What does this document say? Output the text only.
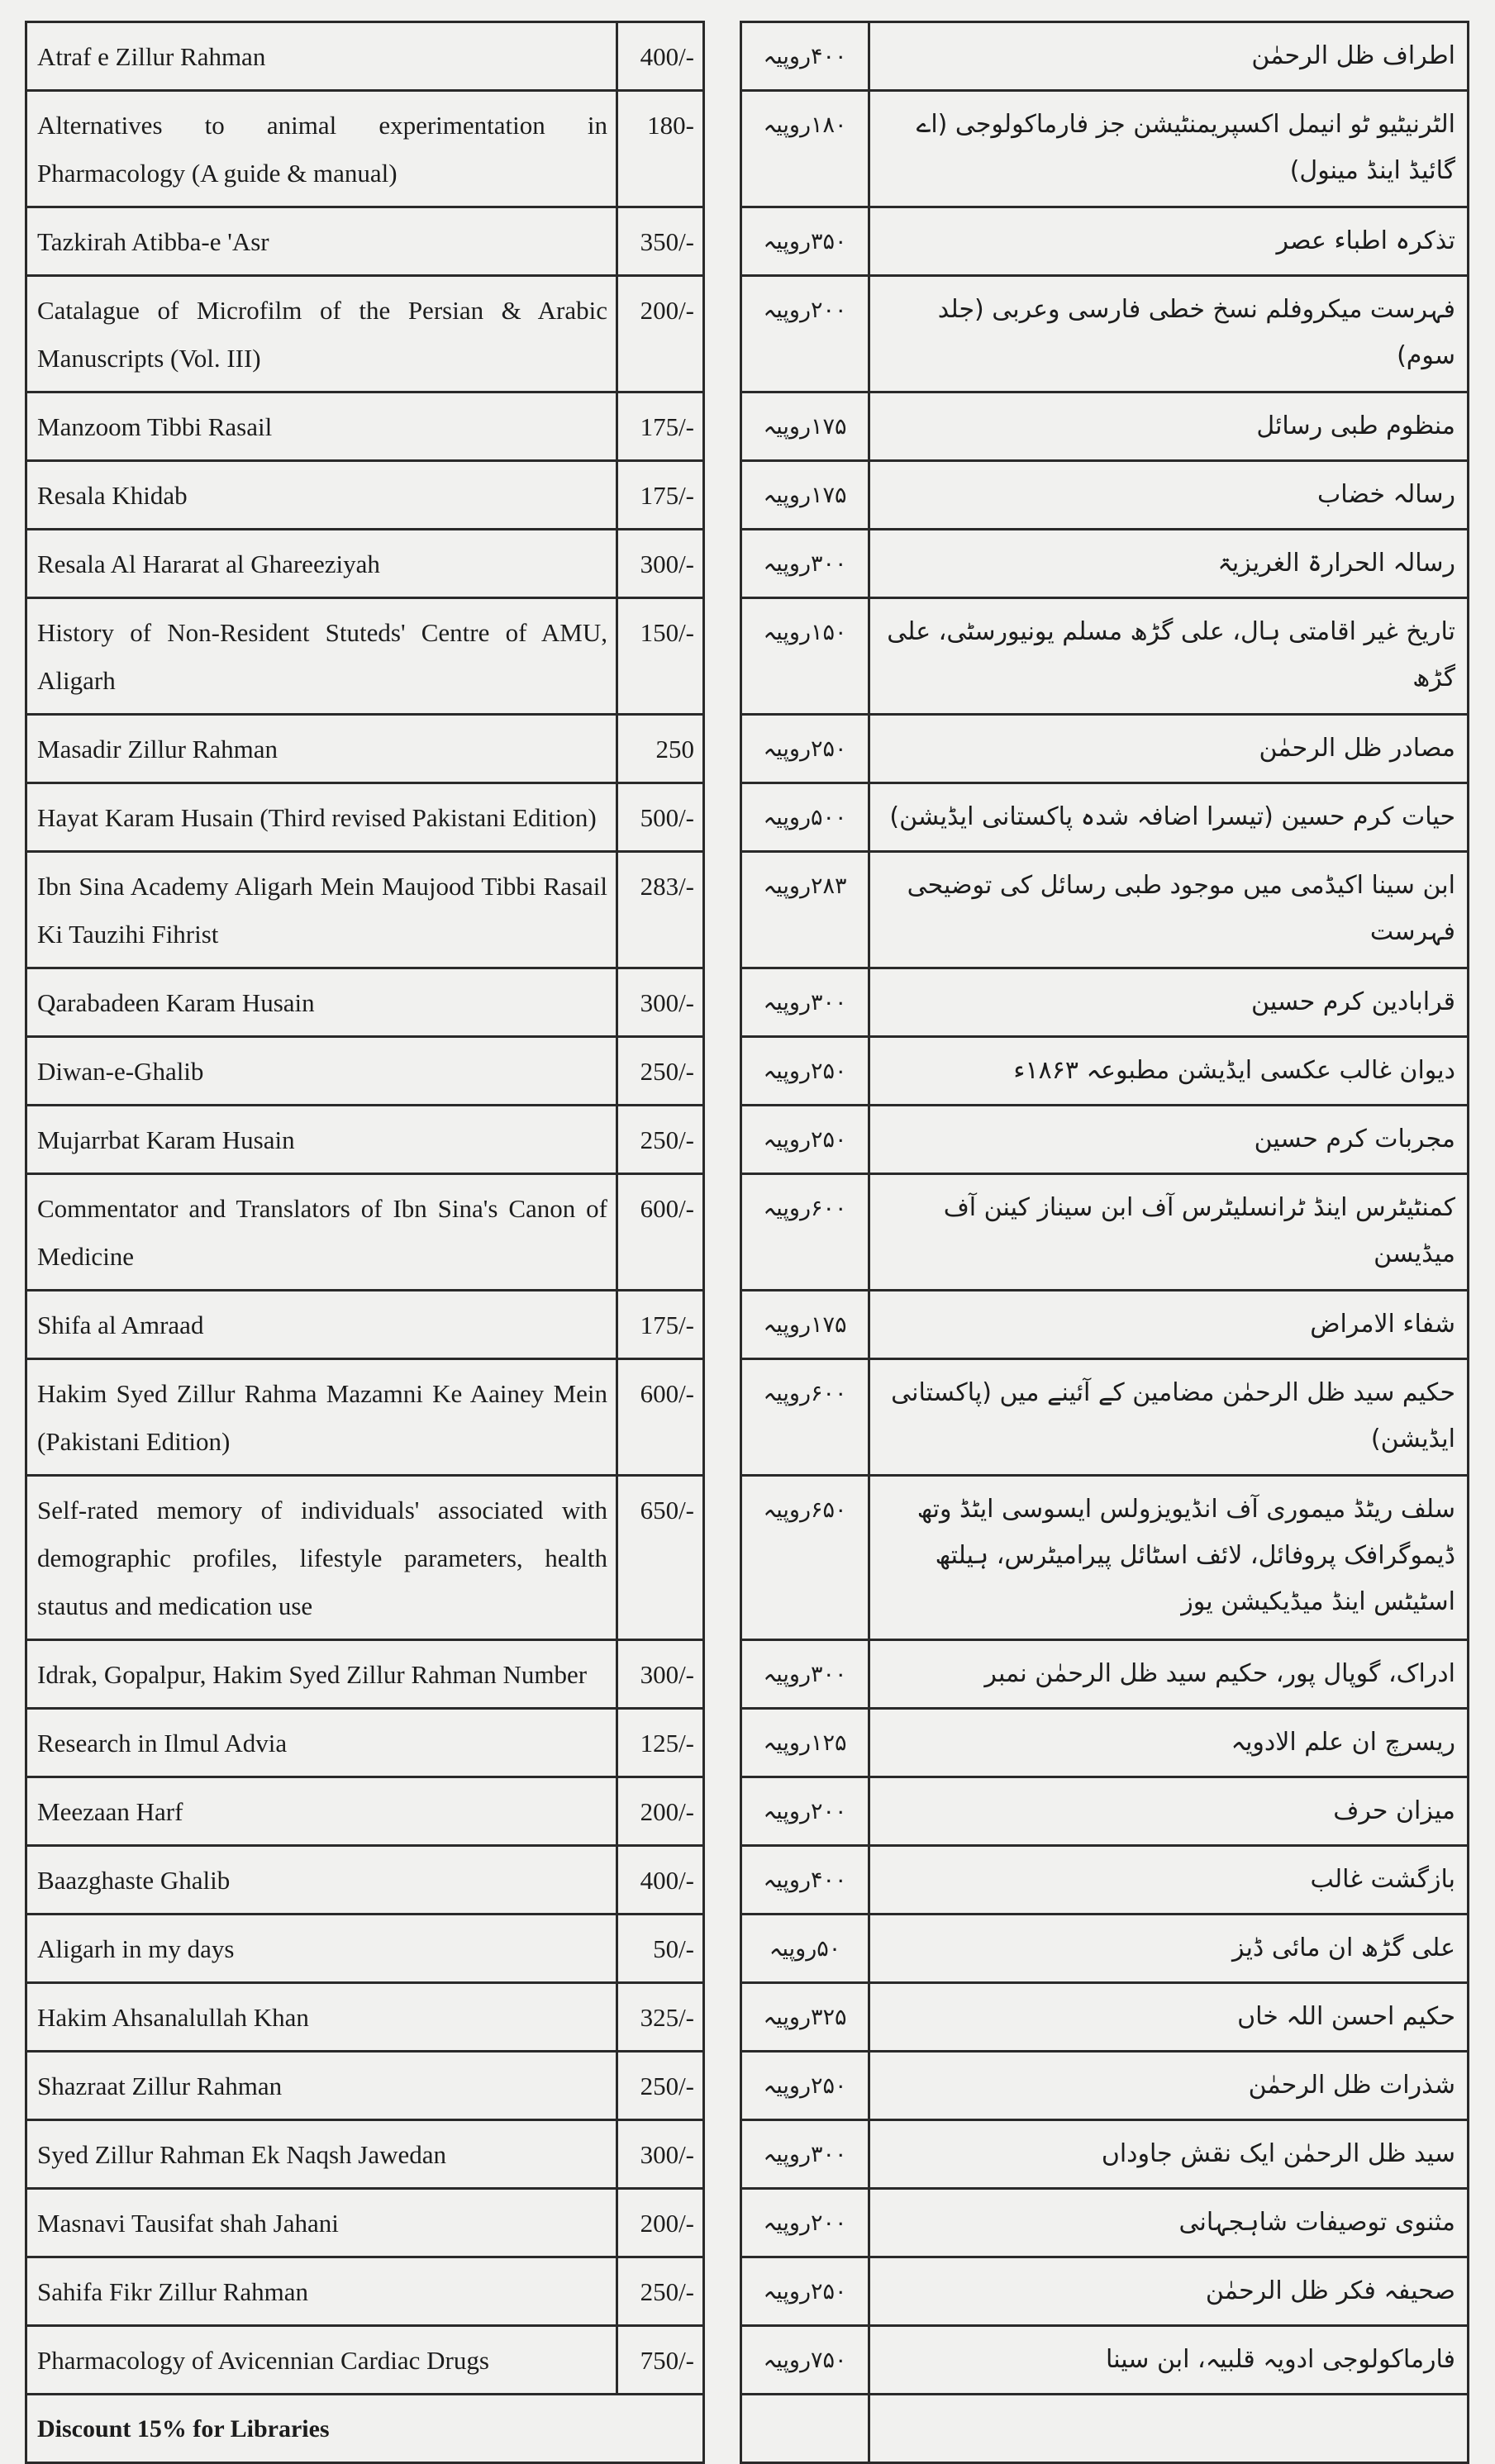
Atraf e Zillur Rahman	400/-
Alternatives to animal experimentation in Pharmacology (A guide & manual)	180-
Tazkirah Atibba-e 'Asr	350/-
Catalague of Microfilm of the Persian & Arabic Manuscripts (Vol. III)	200/-
Manzoom Tibbi Rasail	175/-
Resala Khidab	175/-
Resala Al Hararat al Ghareeziyah	300/-
History of Non-Resident Stuteds' Centre of AMU, Aligarh	150/-
Masadir Zillur Rahman	250
Hayat Karam Husain (Third revised Pakistani Edition)	500/-
Ibn Sina Academy Aligarh Mein Maujood Tibbi Rasail Ki Tauzihi Fihrist	283/-
Qarabadeen Karam Husain	300/-
Diwan-e-Ghalib	250/-
Mujarrbat Karam Husain	250/-
Commentator and Translators of Ibn Sina's Canon of Medicine	600/-
Shifa al Amraad	175/-
Hakim Syed Zillur Rahma Mazamni Ke Aainey Mein (Pakistani Edition)	600/-
Self-rated memory of individuals' associated with demographic profiles, lifestyle parameters, health stautus and medication use	650/-
Idrak, Gopalpur, Hakim Syed Zillur Rahman Number	300/-
Research in Ilmul Advia	125/-
Meezaan Harf	200/-
Baazghaste Ghalib	400/-
Aligarh in my days	50/-
Hakim Ahsanalullah Khan	325/-
Shazraat Zillur Rahman	250/-
Syed Zillur Rahman Ek Naqsh Jawedan	300/-
Masnavi Tausifat shah Jahani	200/-
Sahifa Fikr Zillur Rahman	250/-
Pharmacology of Avicennian Cardiac Drugs	750/-
Discount 15% for Libraries	
۴۰۰روپیہ	اطراف ظل الرحمٰن
۱۸۰روپیہ	الٹرنیٹیو ٹو انیمل اکسپریمنٹیشن جز فارماکولوجی (اے گائیڈ اینڈ مینول)
۳۵۰روپیہ	تذکرہ اطباء عصر
۲۰۰روپیہ	فہرست میکروفلم نسخ خطی فارسی وعربی (جلد سوم)
۱۷۵روپیہ	منظوم طبی رسائل
۱۷۵روپیہ	رسالہ خضاب
۳۰۰روپیہ	رسالہ الحرارۃ الغریزیۃ
۱۵۰روپیہ	تاریخ غیر اقامتی ہال، علی گڑھ مسلم یونیورسٹی، علی گڑھ
۲۵۰روپیہ	مصادر ظل الرحمٰن
۵۰۰روپیہ	حیات کرم حسین (تیسرا اضافہ شدہ پاکستانی ایڈیشن)
۲۸۳روپیہ	ابن سینا اکیڈمی میں موجود طبی رسائل کی توضیحی فہرست
۳۰۰روپیہ	قرابادین کرم حسین
۲۵۰روپیہ	دیوان غالب عکسی ایڈیشن مطبوعہ ۱۸۶۳ء
۲۵۰روپیہ	مجربات کرم حسین
۶۰۰روپیہ	کمنٹیٹرس اینڈ ٹرانسلیٹرس آف ابن سیناز کینن آف میڈیسن
۱۷۵روپیہ	شفاء الامراض
۶۰۰روپیہ	حکیم سید ظل الرحمٰن مضامین کے آئینے میں (پاکستانی ایڈیشن)
۶۵۰روپیہ	سلف ریٹڈ میموری آف انڈیویزولس ایسوسی ایٹڈ وتھ ڈیموگرافک پروفائل، لائف اسٹائل پیرامیٹرس، ہیلتھ اسٹیٹس اینڈ میڈیکیشن یوز
۳۰۰روپیہ	ادراک، گوپال پور، حکیم سید ظل الرحمٰن نمبر
۱۲۵روپیہ	ریسرچ ان علم الادویہ
۲۰۰روپیہ	میزان حرف
۴۰۰روپیہ	بازگشت غالب
۵۰روپیہ	علی گڑھ ان مائی ڈیز
۳۲۵روپیہ	حکیم احسن اللہ خاں
۲۵۰روپیہ	شذرات ظل الرحمٰن
۳۰۰روپیہ	سید ظل الرحمٰن ایک نقش جاوداں
۲۰۰روپیہ	مثنوی توصیفات شاہجہانی
۲۵۰روپیہ	صحیفہ فکر ظل الرحمٰن
۷۵۰روپیہ	فارماکولوجی ادویہ قلبیہ، ابن سینا
